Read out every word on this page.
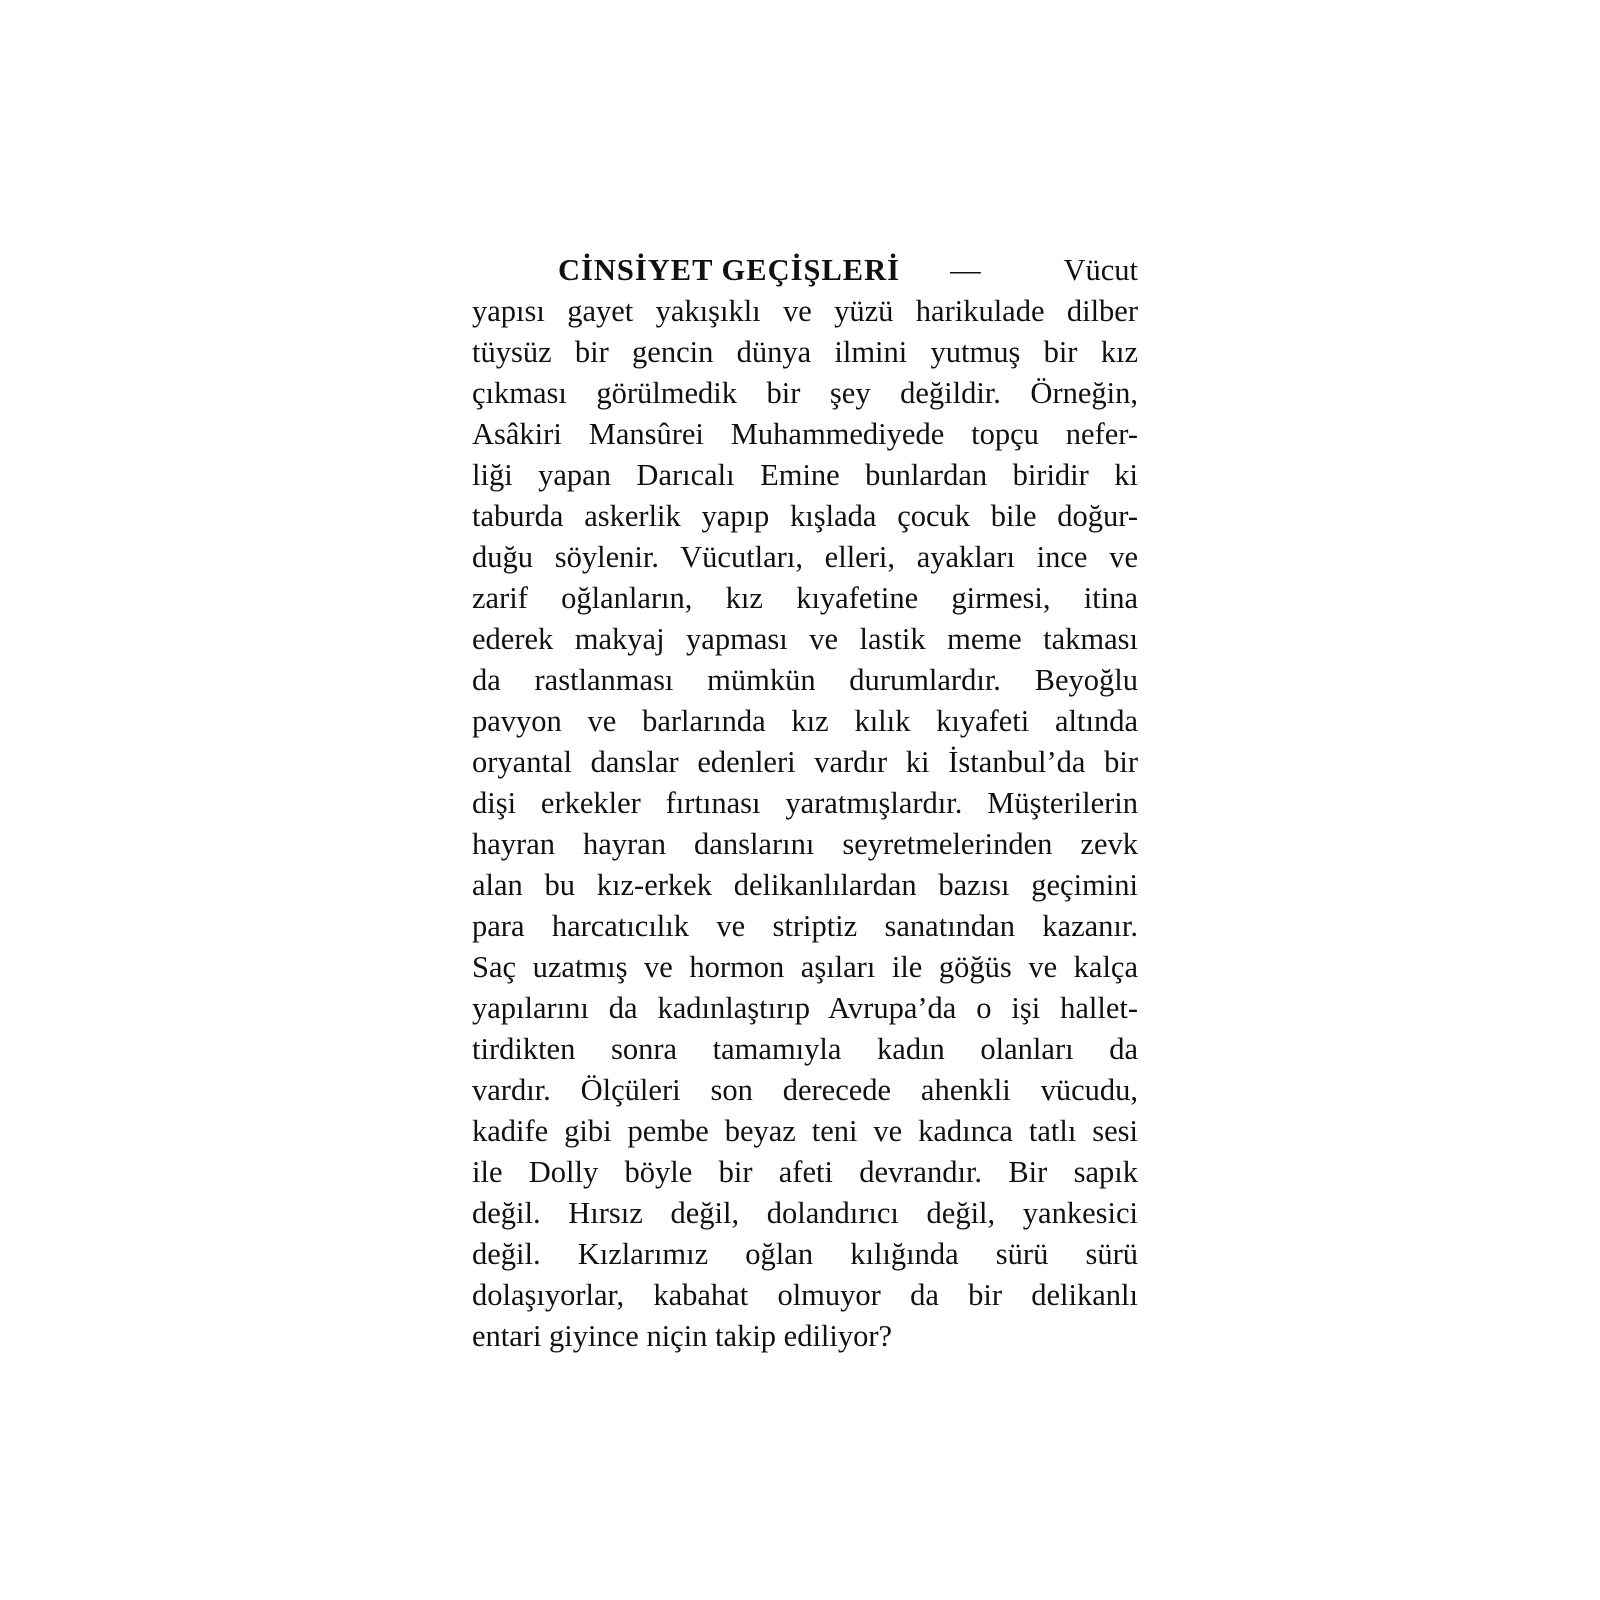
CİNSİYET GEÇİŞLERİ —	Vücut
yapısı gayet yakışıklı ve yüzü harikulade dilber
tüysüz bir gencin dünya ilmini yutmuş bir kız
çıkması görülmedik bir şey değildir. Örneğin,
Asâkiri Mansûrei Muhammediyede topçu nefer-
liği yapan Darıcalı Emine bunlardan biridir ki
taburda askerlik yapıp kışlada çocuk bile doğur-
duğu söylenir. Vücutları, elleri, ayakları ince ve
zarif oğlanların, kız kıyafetine girmesi, itina
ederek makyaj yapması ve lastik meme takması
da rastlanması mümkün durumlardır. Beyoğlu
pavyon ve barlarında kız kılık kıyafeti altında
oryantal danslar edenleri vardır ki İstanbul’da bir
dişi erkekler fırtınası yaratmışlardır. Müşterilerin
hayran hayran danslarını seyretmelerinden zevk
alan bu kız-erkek delikanlılardan bazısı geçimini
para harcatıcılık ve striptiz sanatından kazanır.
Saç uzatmış ve hormon aşıları ile göğüs ve kalça
yapılarını da kadınlaştırıp Avrupa’da o işi hallet-
tirdikten sonra tamamıyla kadın olanları da
vardır. Ölçüleri son derecede ahenkli vücudu,
kadife gibi pembe beyaz teni ve kadınca tatlı sesi
ile Dolly böyle bir afeti devrandır. Bir sapık
değil. Hırsız değil, dolandırıcı değil, yankesici
değil. Kızlarımız oğlan kılığında sürü sürü
dolaşıyorlar, kabahat olmuyor da bir delikanlı
entari giyince niçin takip ediliyor?
